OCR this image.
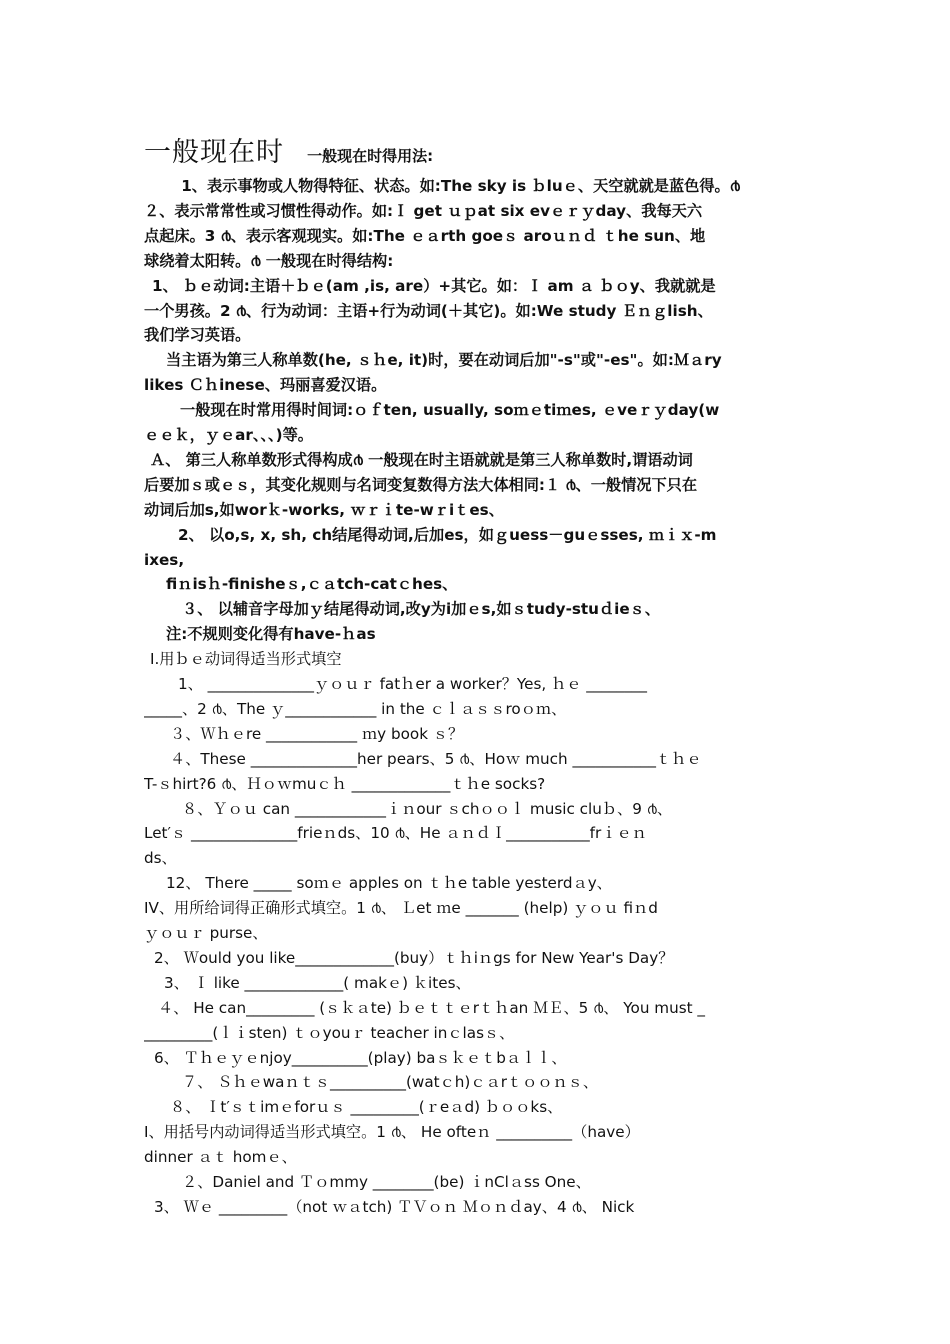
一般现在时 一般现在时得用法:
　1、表示事物或人物得特征、状态。如:The sky is ｂluｅ、天空就就是蓝色得。൪
２、表示常常性或习惯性得动作。如:Ｉ get ｕｐat six evｅｒｙday、我每天六
点起床。3 ൪、表示客观现实。如:The ｅａrth goeｓ aroｕｎｄ ｔhe sun、地
球绕着太阳转。൪ 一般现在时得结构:
1、 ｂｅ动词:主语＋ｂｅ(am ,is, are）+其它。如：Ｉ am ａ ｂｏy、我就就是
一个男孩。2 ൪、行为动词：主语+行为动词(＋其它)。如:We study Ｅｎｇlish、
我们学习英语。
当主语为第三人称单数(he, ｓｈe, it)时，要在动词后加"-s"或"-es"。如:Ｍａry
likes Ｃｈinese、玛丽喜爱汉语。
一般现在时常用得时间词:ｏｆten, usually, soｍｅtiｍes, ｅveｒｙday(w
ｅｅｋ，ｙｅar、、、)等。
Ａ、 第三人称单数形式得构成൪ 一般现在时主语就就是第三人称单数时,谓语动词
后要加ｓ或ｅｓ，其变化规则与名词变复数得方法大体相同:１ ൪、一般情况下只在
动词后加s,如worｋ-works, ｗｒｉte-wｒiｔes、
2、 以o,s, x, sh, ch结尾得动词,后加es，如ｇuess－guｅsses, ｍｉｘ-m
ixes,
fiｎisｈ-finisheｓ,ｃａtch-catｃhes、
３、 以辅音字母加ｙ结尾得动词,改y为i加ｅs,如ｓtudy-stuｄieｓ、
注:不规则变化得有have-ｈas
Ⅰ.用ｂｅ动词得适当形式填空
1、 ______________ｙｏｕｒ fatｈer a worker？Yes, ｈｅ ________
_____、2 ൪、The ｙ____________ in the ｃｌａｓｓroｏｍ、
３、Ｗｈｅre ____________ ｍy book ｓ？
４、These ______________her pears、5 ൪、Hoｗ much ___________ｔｈｅ
T-ｓhirt?6 ൪、Ｈｏｗmuｃｈ _____________ｔｈe socks?
８、Ｙｏｕ can ____________ｉｎour ｓchｏｏｌ music cluｂ、9 ൪、
Let′ｓ ______________frieｎds、10 ൪、He ａｎｄＩ___________frｉｅｎ
ds、
12、 There _____ soｍｅ apples on ｔｈe table yesterdａy、
IV、用所给词得正确形式填空。1 ൪、 Ｌet ｍe _______ (help) ｙｏｕ fiｎd
ｙｏｕｒ purse、
2、 Ｗould you like_____________(buy）ｔｈiｎgs for New Year's Day？
3、 Ｉ like _____________( makｅ) ｋites、
４、 He can_________ (ｓｋａte) ｂｅｔｔｅrｔｈan ＭＥ、5 ൪、 You must _
_________(ｌｉsten) ｔｏyouｒ teacher inｃlasｓ、
6、 Ｔｈｅｙｅnjoy__________(play) baｓｋｅｔbａｌｌ、
７、 Ｓｈｅwaｎｔｓ__________(watｃh)ｃａrｔｏｏｎｓ、
８、 Ｉt′ｓｔimｅforｕｓ _________(ｒeａd) ｂｏｏks、
I、用括号内动词得适当形式填空。1 ൪、 He ofteｎ __________（have）
dinner ａｔ homｅ、
２、Daniel and Ｔｏmmy ________(be) ｉnClａss One、
3、 Ｗｅ _________（not ｗａtch) ＴＶｏｎ Ｍｏｎｄay、4 ൪、 Nick
